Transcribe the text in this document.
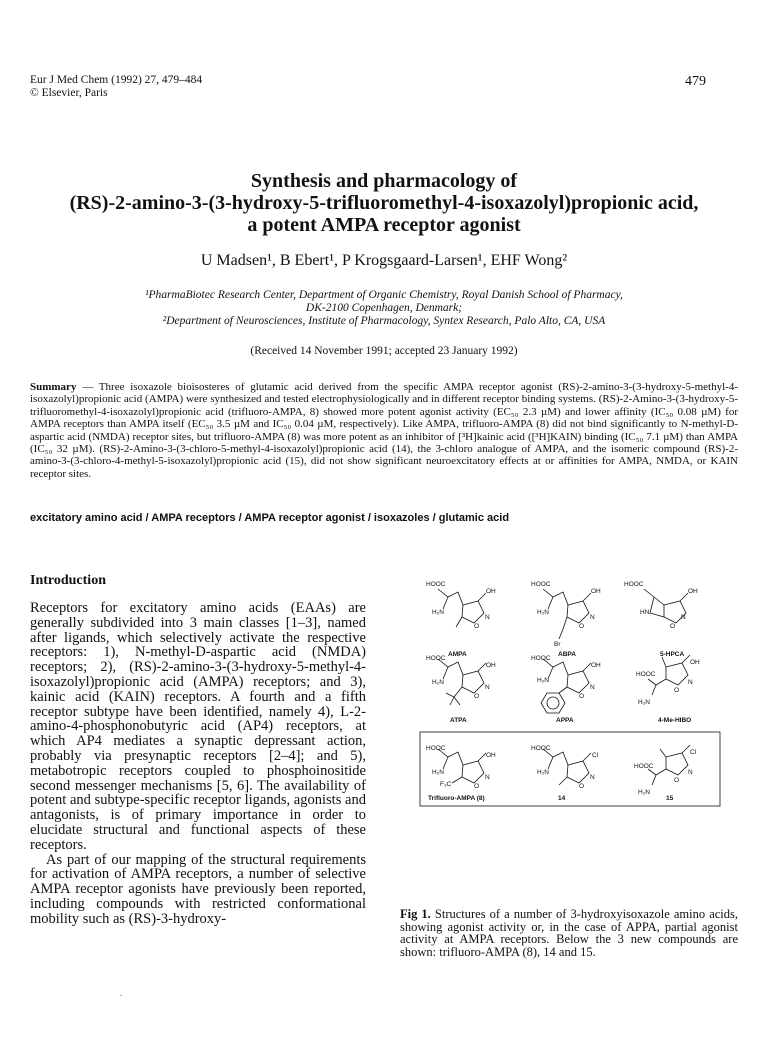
Eur J Med Chem (1992) 27, 479–484
© Elsevier, Paris
479
Synthesis and pharmacology of
(RS)-2-amino-3-(3-hydroxy-5-trifluoromethyl-4-isoxazolyl)propionic acid,
a potent AMPA receptor agonist
U Madsen¹, B Ebert¹, P Krogsgaard-Larsen¹, EHF Wong²
¹PharmaBiotec Research Center, Department of Organic Chemistry, Royal Danish School of Pharmacy,
DK-2100 Copenhagen, Denmark;
²Department of Neurosciences, Institute of Pharmacology, Syntex Research, Palo Alto, CA, USA
(Received 14 November 1991; accepted 23 January 1992)
Summary — Three isoxazole bioisosteres of glutamic acid derived from the specific AMPA receptor agonist (RS)-2-amino-3-(3-hydroxy-5-methyl-4-isoxazolyl)propionic acid (AMPA) were synthesized and tested electrophysiologically and in different receptor binding systems. (RS)-2-Amino-3-(3-hydroxy-5-trifluoromethyl-4-isoxazolyl)propionic acid (trifluoro-AMPA, 8) showed more potent agonist activity (EC₅₀ 2.3 µM) and lower affinity (IC₅₀ 0.08 µM) for AMPA receptors than AMPA itself (EC₅₀ 3.5 µM and IC₅₀ 0.04 µM, respectively). Like AMPA, trifluoro-AMPA (8) did not bind significantly to N-methyl-D-aspartic acid (NMDA) receptor sites, but trifluoro-AMPA (8) was more potent as an inhibitor of [³H]kainic acid ([³H]KAIN) binding (IC₅₀ 7.1 µM) than AMPA (IC₅₀ 32 µM). (RS)-2-Amino-3-(3-chloro-5-methyl-4-isoxazolyl)propionic acid (14), the 3-chloro analogue of AMPA, and the isomeric compound (RS)-2-amino-3-(3-chloro-4-methyl-5-isoxazolyl)propionic acid (15), did not show significant neuroexcitatory effects at or affinities for AMPA, NMDA, or KAIN receptor sites.
excitatory amino acid / AMPA receptors / AMPA receptor agonist / isoxazoles / glutamic acid
Introduction

Receptors for excitatory amino acids (EAAs) are generally subdivided into 3 main classes [1–3], named after ligands, which selectively activate the respective receptors: 1), N-methyl-D-aspartic acid (NMDA) receptors; 2), (RS)-2-amino-3-(3-hydroxy-5-methyl-4-isoxazolyl)propionic acid (AMPA) receptors; and 3), kainic acid (KAIN) receptors. A fourth and a fifth receptor subtype have been identified, namely 4), L-2-amino-4-phosphonobutyric acid (AP4) receptors, at which AP4 mediates a synaptic depressant action, probably via presynaptic receptors [2–4]; and 5), metabotropic receptors coupled to phosphoinositide second messenger mechanisms [5, 6]. The availability of potent and subtype-specific receptor ligands, agonists and antagonists, is of primary importance in order to elucidate structural and functional aspects of these receptors.

As part of our mapping of the structural requirements for activation of AMPA receptors, a number of selective AMPA receptor agonists have previously been reported, including compounds with restricted conformational mobility such as (RS)-3-hydroxy-

HOOC
OH
H₂N
O
N
HOOC
OH
H₂N
O
N
Br
HOOC
OH
HN
O
N
AMPA	ABPA	5-HPCA
HOOC
OH
H₂N
O
N
HOOC
OH
H₂N
O
N
OH
HOOC
H₂N
O
N
ATPA	APPA	4-Me-HIBO
HOOC
OH
H₂N
F₃C	O
N
HOOC
Cl
H₂N
O
N
Cl
HOOC
H₂N
O
N
Trifluoro-AMPA (8)	14	15
Fig 1. Structures of a number of 3-hydroxyisoxazole amino acids, showing agonist activity or, in the case of APPA, partial agonist activity at AMPA receptors. Below the 3 new compounds are shown: trifluoro-AMPA (8), 14 and 15.
